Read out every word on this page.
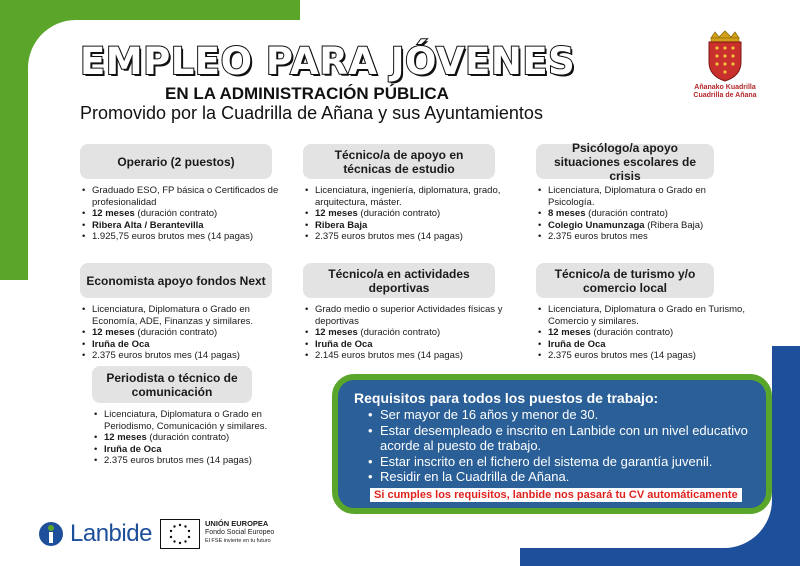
EMPLEO PARA JÓVENES
EN LA ADMINISTRACIÓN PÚBLICA
Promovido por la Cuadrilla de Añana y sus Ayuntamientos
Añanako Kuadrilla
Cuadrilla de Añana
Operario (2 puestos)
• Graduado ESO, FP básica o Certificados de profesionalidad
• 12 meses (duración contrato)
• Ribera Alta / Berantevilla
• 1.925,75 euros brutos mes (14 pagas)
Técnico/a de apoyo en técnicas de estudio
• Licenciatura, ingeniería, diplomatura, grado, arquitectura, máster.
• 12 meses (duración contrato)
• Ribera Baja
• 2.375 euros brutos mes (14 pagas)
Psicólogo/a apoyo situaciones escolares de crisis
• Licenciatura, Diplomatura o Grado en Psicología.
• 8 meses (duración contrato)
• Colegio Unamunzaga (Ribera Baja)
• 2.375 euros brutos mes
Economista apoyo fondos Next
• Licenciatura, Diplomatura o Grado en Economía, ADE, Finanzas y similares.
• 12 meses (duración contrato)
• Iruña de Oca
• 2.375 euros brutos mes (14 pagas)
Técnico/a en actividades deportivas
• Grado medio o superior Actividades físicas y deportivas
• 12 meses (duración contrato)
• Iruña de Oca
• 2.145 euros brutos mes (14 pagas)
Técnico/a de turismo y/o comercio local
• Licenciatura, Diplomatura o Grado en Turismo, Comercio y similares.
• 12 meses (duración contrato)
• Iruña de Oca
• 2.375 euros brutos mes (14 pagas)
Periodista o técnico de comunicación
• Licenciatura, Diplomatura o Grado en Periodismo, Comunicación y similares.
• 12 meses (duración contrato)
• Iruña de Oca
• 2.375 euros brutos mes (14 pagas)
Requisitos para todos los puestos de trabajo:
• Ser mayor de 16 años y menor de 30.
• Estar desempleado e inscrito en Lanbide con un nivel educativo acorde al puesto de trabajo.
• Estar inscrito en el fichero del sistema de garantía juvenil.
• Residir en la Cuadrilla de Añana.
Si cumples los requisitos, lanbide nos pasará tu CV automáticamente
Lanbide	UNIÓN EUROPEA
Fondo Social Europeo
El FSE invierte en tu futuro
